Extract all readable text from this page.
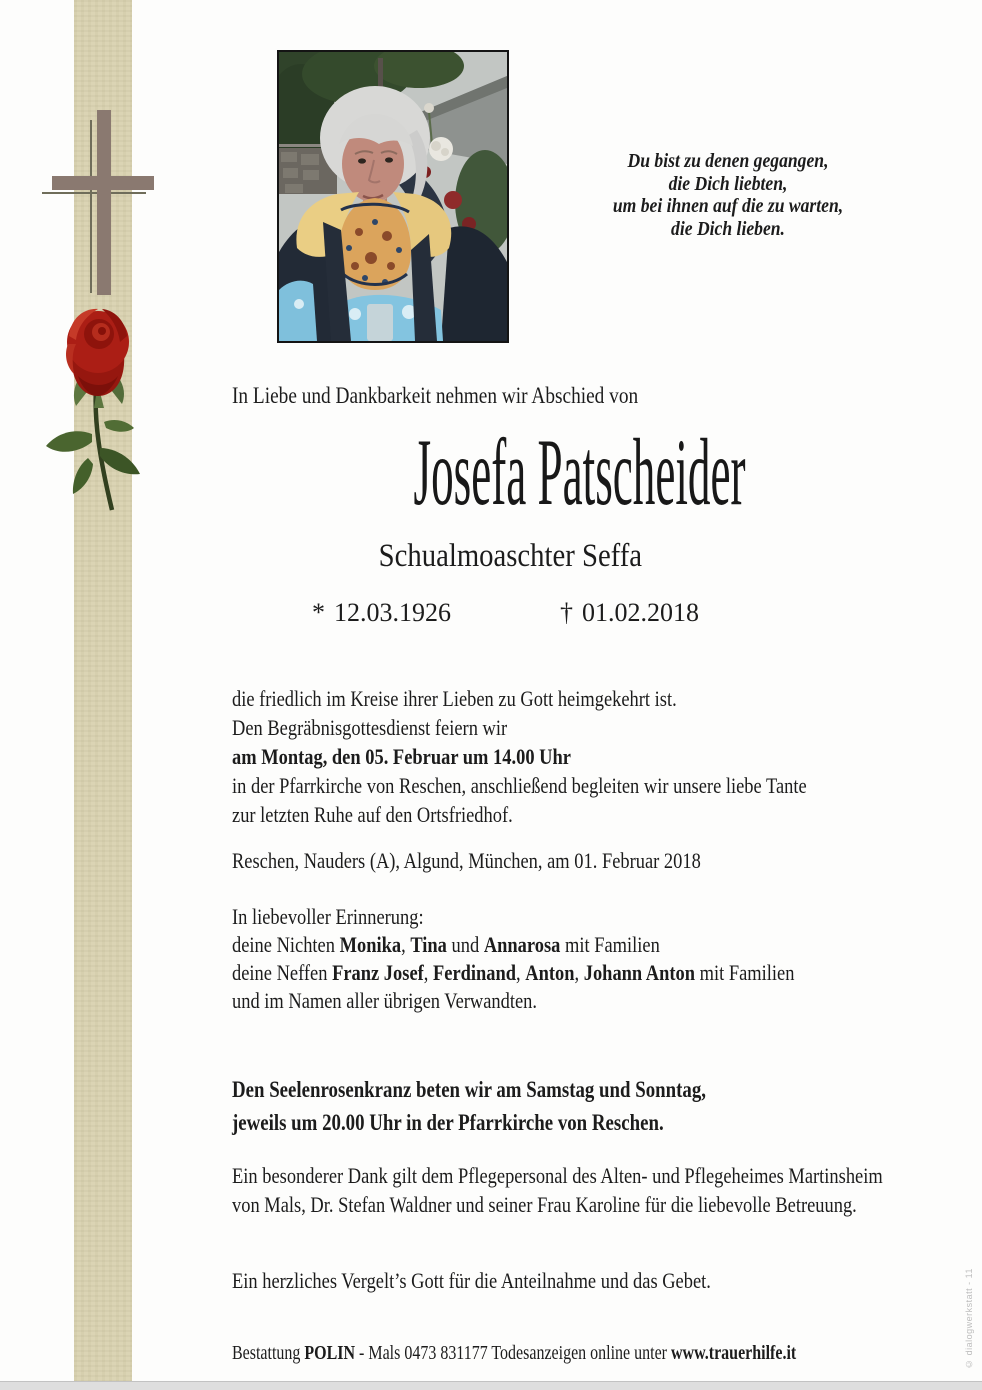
Du bist zu denen gegangen,
die Dich liebten,
um bei ihnen auf die zu warten,
die Dich lieben.
In Liebe und Dankbarkeit nehmen wir Abschied von
Josefa Patscheider
Schualmoaschter Seffa
* 12.03.1926	† 01.02.2018
die friedlich im Kreise ihrer Lieben zu Gott heimgekehrt ist.
Den Begräbnisgottesdienst feiern wir
am Montag, den 05. Februar um 14.00 Uhr
in der Pfarrkirche von Reschen, anschließend begleiten wir unsere liebe Tante
zur letzten Ruhe auf den Ortsfriedhof.
Reschen, Nauders (A), Algund, München, am 01. Februar 2018
In liebevoller Erinnerung:
deine Nichten Monika, Tina und Annarosa mit Familien
deine Neffen Franz Josef, Ferdinand, Anton, Johann Anton mit Familien
und im Namen aller übrigen Verwandten.
Den Seelenrosenkranz beten wir am Samstag und Sonntag,
jeweils um 20.00 Uhr in der Pfarrkirche von Reschen.
Ein besonderer Dank gilt dem Pflegepersonal des Alten- und Pflegeheimes Martinsheim
von Mals, Dr. Stefan Waldner und seiner Frau Karoline für die liebevolle Betreuung.
Ein herzliches Vergelt’s Gott für die Anteilnahme und das Gebet.
Bestattung POLIN - Mals 0473 831177 Todesanzeigen online unter www.trauerhilfe.it	© dialogwerkstatt - 11
